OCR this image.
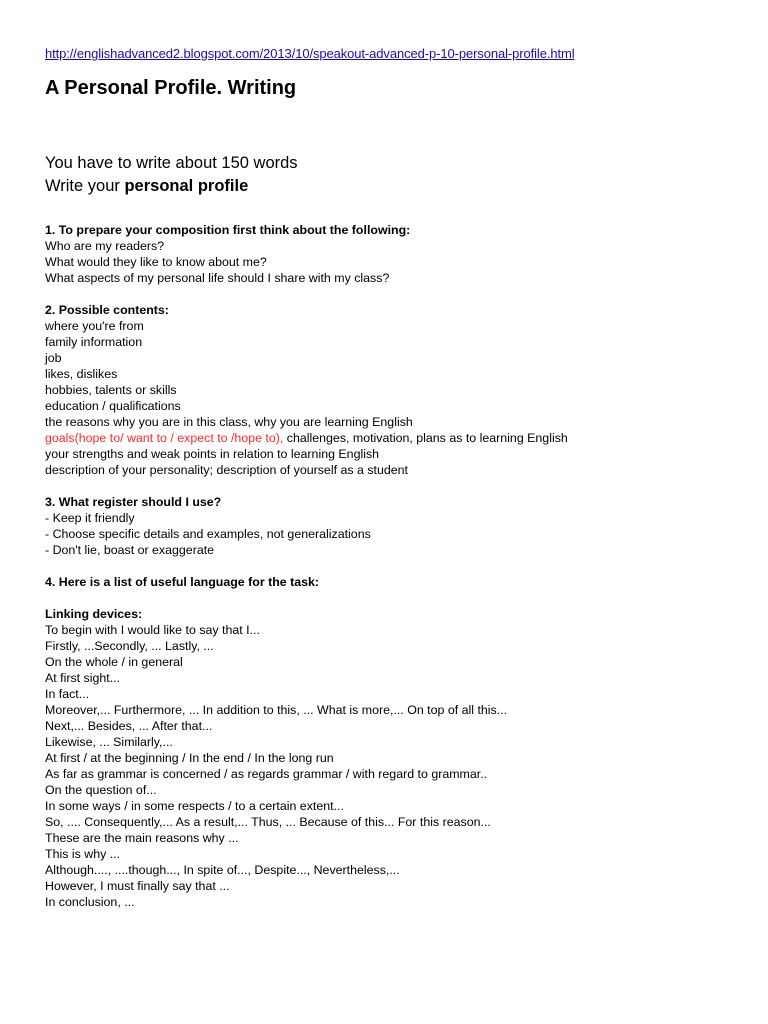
http://englishadvanced2.blogspot.com/2013/10/speakout-advanced-p-10-personal-profile.html
A Personal Profile. Writing
You have to write about 150 words
Write your personal profile
1. To prepare your composition first think about the following:
Who are my readers?
What would they like to know about me?
What aspects of my personal life should I share with my class?
2. Possible contents:
where you're from
family information
job
likes, dislikes
hobbies, talents or skills
education / qualifications
the reasons why you are in this class, why you are learning English
goals(hope to/ want to / expect to /hope to), challenges, motivation, plans as to learning English
your strengths and weak points in relation to learning English
description of your personality; description of yourself as a student
3. What register should I use?
- Keep it friendly
- Choose specific details and examples, not generalizations
- Don't lie, boast or exaggerate
4. Here is a list of useful language for the task:
Linking devices:
To begin with I would like to say that I...
Firstly, ...Secondly, ... Lastly, ...
On the whole / in general
At first sight...
In fact...
Moreover,... Furthermore, ... In addition to this, ... What is more,... On top of all this...
Next,... Besides, ... After that...
Likewise, ... Similarly,...
At first / at the beginning / In the end / In the long run
As far as grammar is concerned / as regards grammar / with regard to grammar..
On the question of...
In some ways / in some respects / to a certain extent...
So, .... Consequently,... As a result,... Thus, ... Because of this... For this reason...
These are the main reasons why ...
This is why ...
Although...., ....though..., In spite of..., Despite..., Nevertheless,...
However, I must finally say that ...
In conclusion, ...
